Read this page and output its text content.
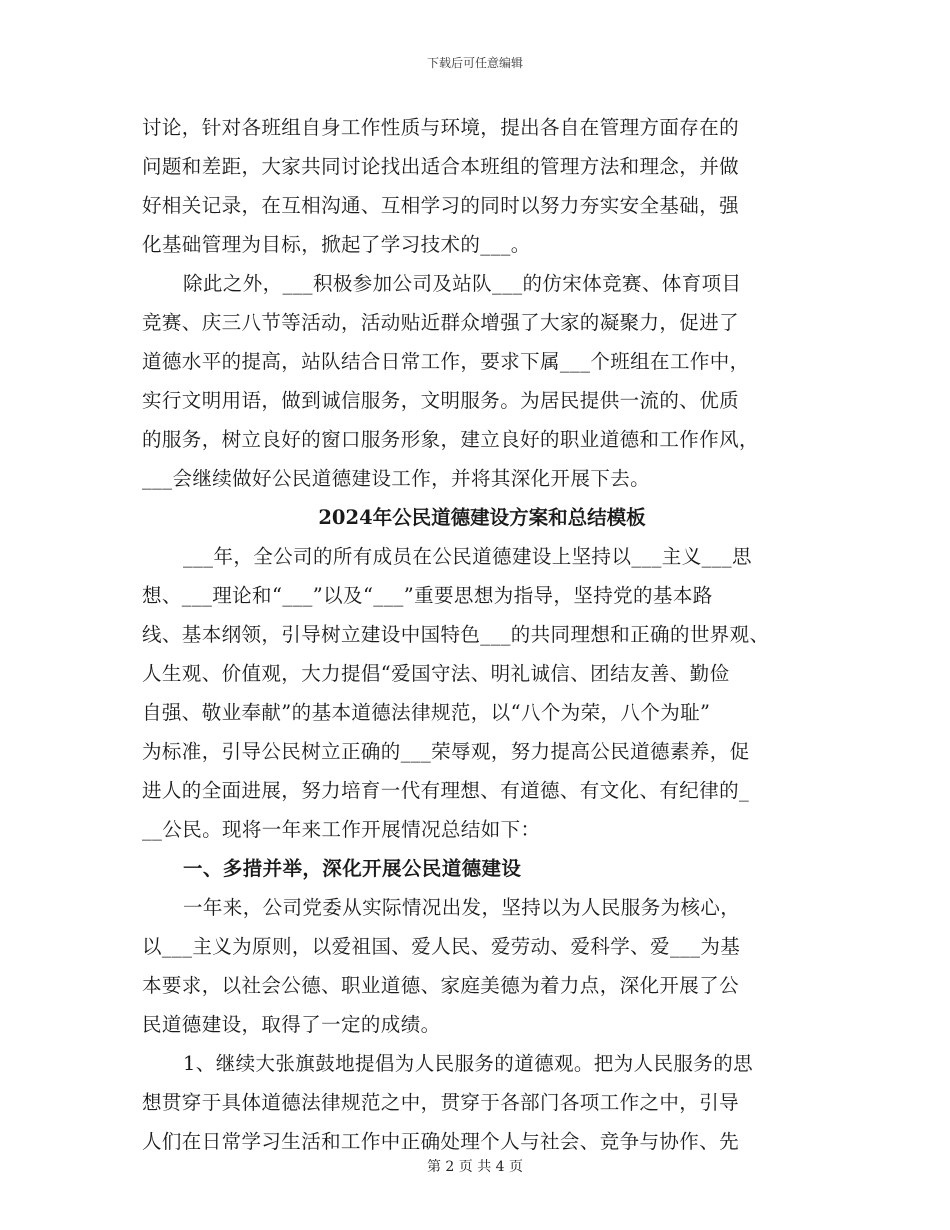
下载后可任意编辑
讨论，针对各班组自身工作性质与环境，提出各自在管理方面存在的
问题和差距，大家共同讨论找出适合本班组的管理方法和理念，并做
好相关记录，在互相沟通、互相学习的同时以努力夯实安全基础，强
化基础管理为目标，掀起了学习技术的___。
除此之外，___积极参加公司及站队___的仿宋体竞赛、体育项目
竞赛、庆三八节等活动，活动贴近群众增强了大家的凝聚力，促进了
道德水平的提高，站队结合日常工作，要求下属___个班组在工作中，
实行文明用语，做到诚信服务，文明服务。为居民提供一流的、优质
的服务，树立良好的窗口服务形象，建立良好的职业道德和工作作风，
___会继续做好公民道德建设工作，并将其深化开展下去。
2024年公民道德建设方案和总结模板
___年，全公司的所有成员在公民道德建设上坚持以___主义___思
想、___理论和“___”以及“___”重要思想为指导，坚持党的基本路
线、基本纲领，引导树立建设中国特色___的共同理想和正确的世界观、
人生观、价值观，大力提倡“爱国守法、明礼诚信、团结友善、勤俭
自强、敬业奉献”的基本道德法律规范，以“八个为荣，八个为耻”
为标准，引导公民树立正确的___荣辱观，努力提高公民道德素养，促
进人的全面进展，努力培育一代有理想、有道德、有文化、有纪律的_
__公民。现将一年来工作开展情况总结如下：
一、多措并举，深化开展公民道德建设
一年来，公司党委从实际情况出发，坚持以为人民服务为核心，
以___主义为原则，以爱祖国、爱人民、爱劳动、爱科学、爱___为基
本要求，以社会公德、职业道德、家庭美德为着力点，深化开展了公
民道德建设，取得了一定的成绩。
1、继续大张旗鼓地提倡为人民服务的道德观。把为人民服务的思
想贯穿于具体道德法律规范之中，贯穿于各部门各项工作之中，引导
人们在日常学习生活和工作中正确处理个人与社会、竞争与协作、先
第 2 页 共 4 页
